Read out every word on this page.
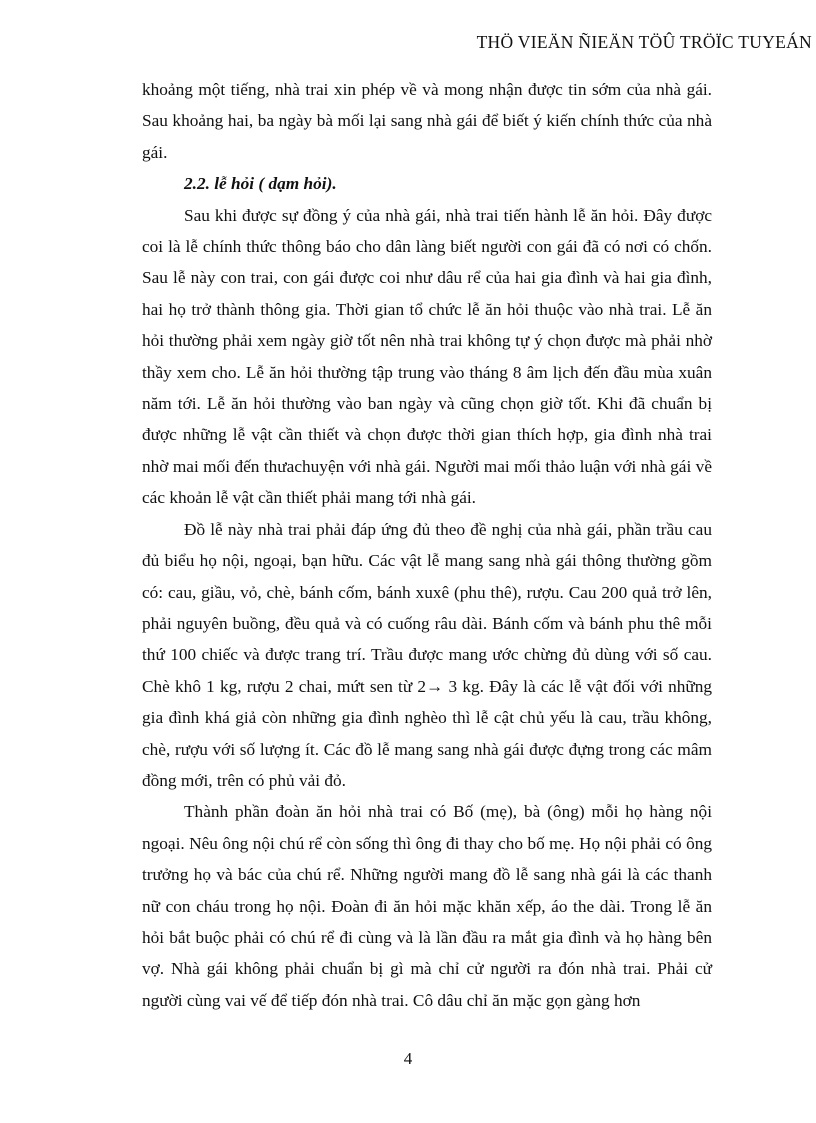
THÖ VIEÄN ÑIEÄN TÖÛ TRÖÏC TUYEÁN

khoảng một tiếng, nhà trai xin phép về và mong nhận được tin sớm của nhà gái. Sau khoảng hai, ba ngày bà mối lại sang nhà gái để biết ý kiến chính thức của nhà gái.

2.2. lễ hỏi ( dạm hỏi).

Sau khi được sự đồng ý của nhà gái, nhà trai tiến hành lễ ăn hỏi. Đây được coi là lễ chính thức thông báo cho dân làng biết người con gái đã có nơi có chốn. Sau lễ này con trai, con gái được coi như dâu rể của hai gia đình và hai gia đình, hai họ trở thành thông gia. Thời gian tổ chức lễ ăn hỏi thuộc vào nhà trai. Lễ ăn hỏi thường phải xem ngày giờ tốt nên nhà trai không tự ý chọn được mà phải nhờ thầy xem cho. Lễ ăn hỏi thường tập trung vào tháng 8 âm lịch đến đầu mùa xuân năm tới. Lễ ăn hỏi thường vào ban ngày và cũng chọn giờ tốt. Khi đã chuẩn bị được những lễ vật cần thiết và chọn được thời gian thích hợp, gia đình nhà trai nhờ mai mối đến thưachuyện với nhà gái. Người mai mối thảo luận với nhà gái về các khoản lễ vật cần thiết phải mang tới nhà gái.

Đồ lễ này nhà trai phải đáp ứng đủ theo đề nghị của nhà gái, phần trầu cau đủ biểu họ nội, ngoại, bạn hữu. Các vật lễ mang sang nhà gái thông thường gồm có: cau, giầu, vỏ, chè, bánh cốm, bánh xuxê (phu thê), rượu. Cau 200 quả trở lên, phải nguyên buồng, đều quả và có cuống râu dài. Bánh cốm và bánh phu thê mỗi thứ 100 chiếc và được trang trí. Trầu được mang ước chừng đủ dùng với số cau. Chè khô 1 kg, rượu 2 chai, mứt sen từ 2→ 3 kg. Đây là các lễ vật đối với những gia đình khá giả còn những gia đình nghèo thì lễ cật chủ yếu là cau, trầu không, chè, rượu với số lượng ít. Các đồ lễ mang sang nhà gái được đựng trong các mâm đồng mới, trên có phủ vải đỏ.

Thành phần đoàn ăn hỏi nhà trai có Bố (mẹ), bà (ông) mỗi họ hàng nội ngoại. Nêu ông nội chú rể còn sống thì ông đi thay cho bố mẹ. Họ nội phải có ông trưởng họ và bác của chú rể. Những người mang đồ lễ sang nhà gái là các thanh nữ con cháu trong họ nội. Đoàn đi ăn hỏi mặc khăn xếp, áo the dài. Trong lễ ăn hỏi bắt buộc phải có chú rể đi cùng và là lần đầu ra mắt gia đình và họ hàng bên vợ. Nhà gái không phải chuẩn bị gì mà chỉ cử người ra đón nhà trai. Phải cử người cùng vai vế để tiếp đón nhà trai. Cô dâu chỉ ăn mặc gọn gàng hơn

4
